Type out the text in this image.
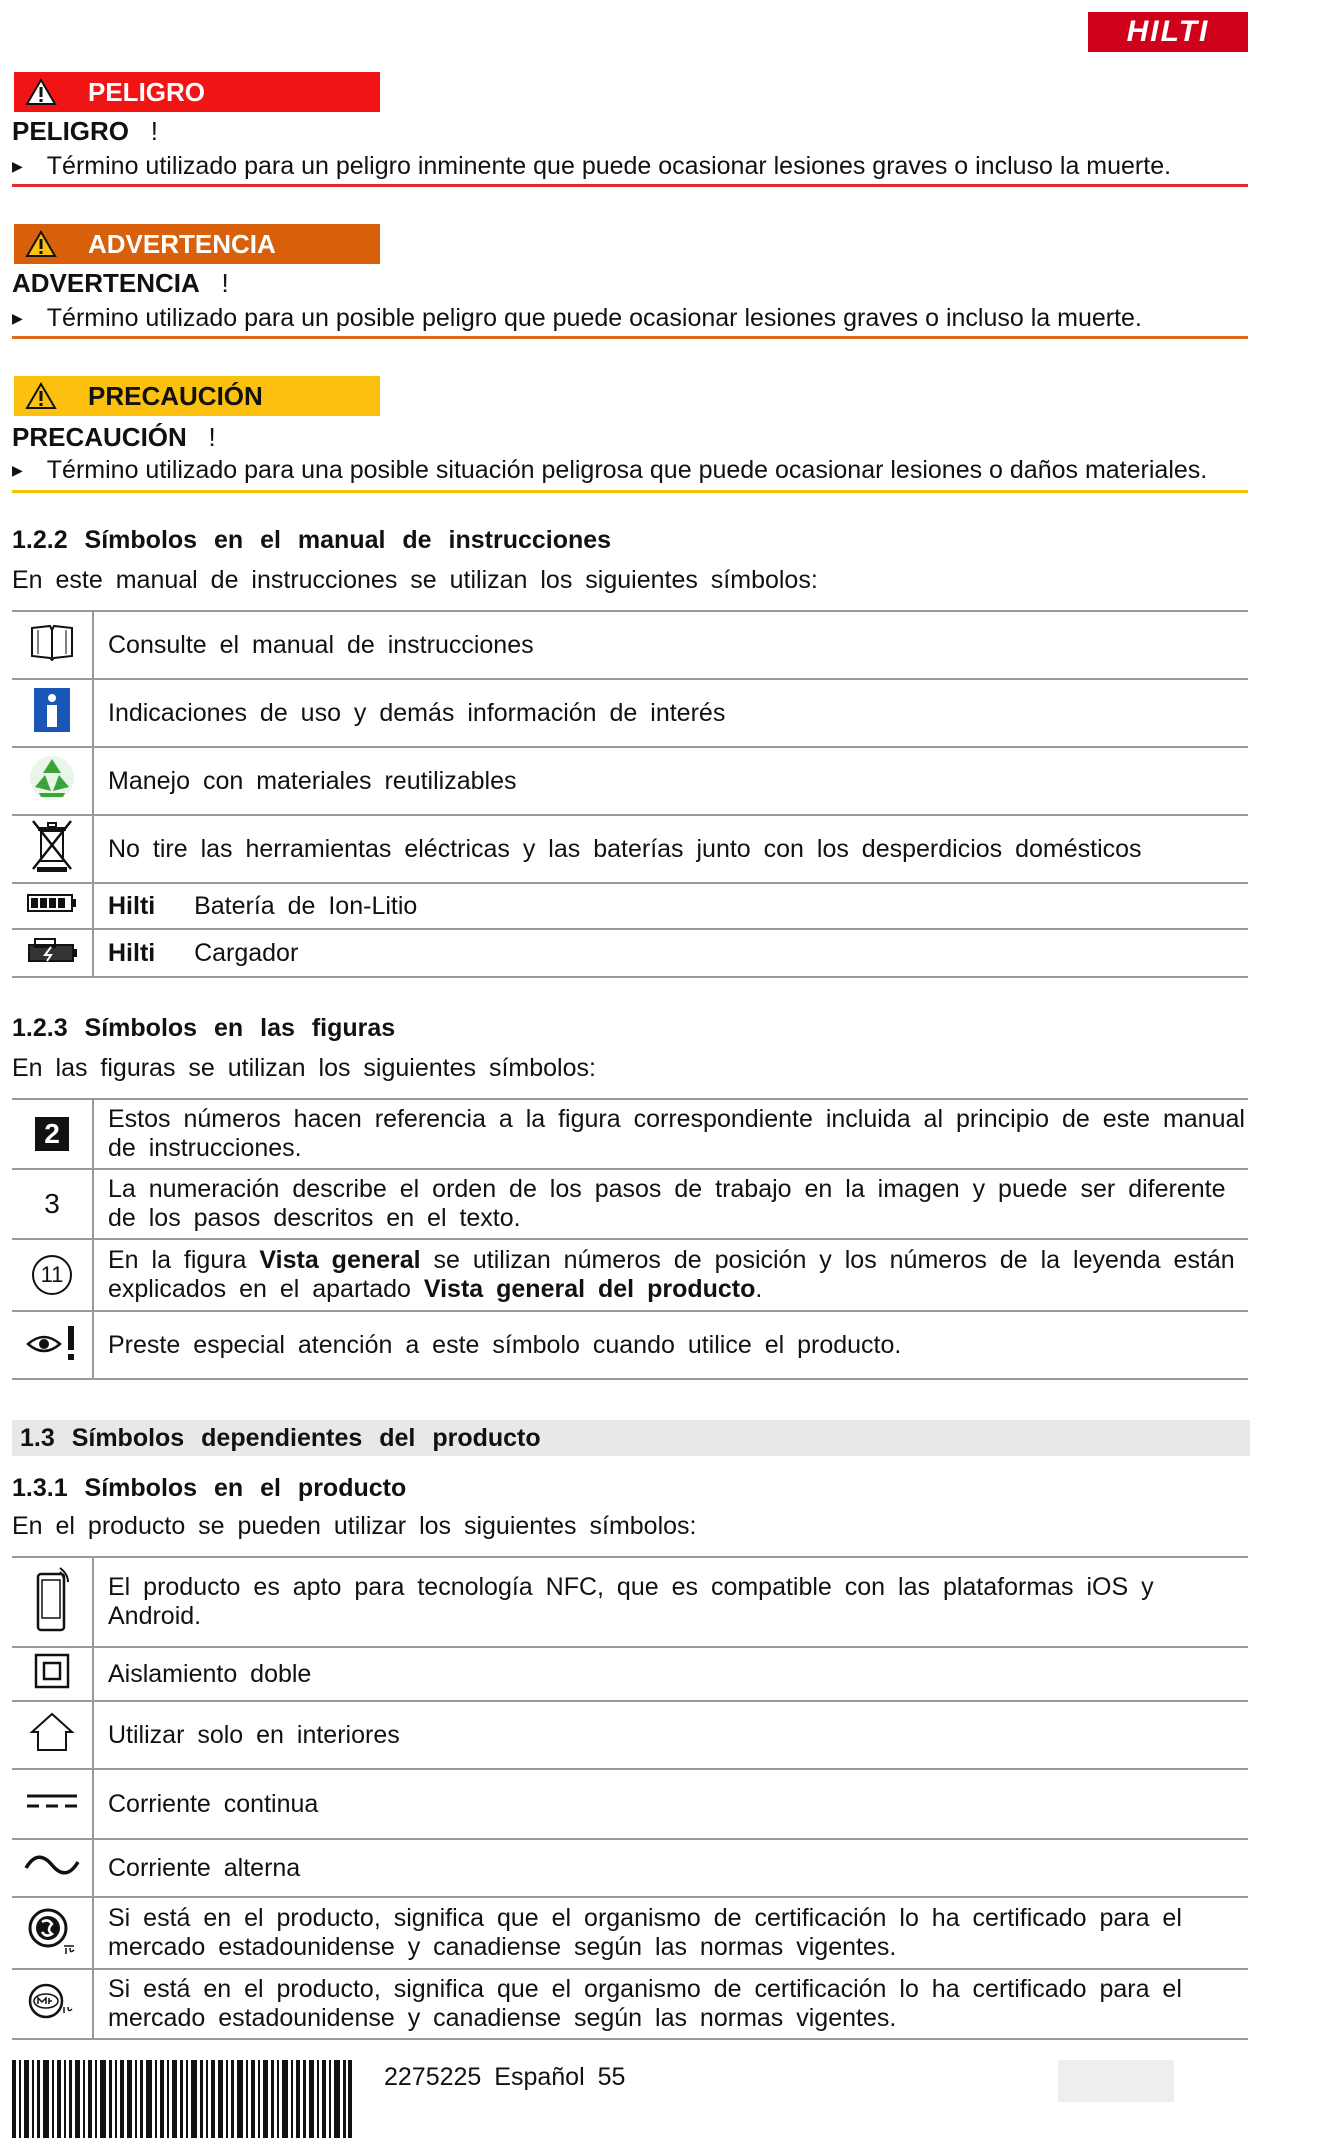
HILTI
PELIGRO
PELIGRO !
▶ Término utilizado para un peligro inminente que puede ocasionar lesiones graves o incluso la muerte.
ADVERTENCIA
ADVERTENCIA !
▶ Término utilizado para un posible peligro que puede ocasionar lesiones graves o incluso la muerte.
PRECAUCIÓN
PRECAUCIÓN !
▶ Término utilizado para una posible situación peligrosa que puede ocasionar lesiones o daños materiales.
1.2.2 Símbolos en el manual de instrucciones
En este manual de instrucciones se utilizan los siguientes símbolos:
	Consulte el manual de instrucciones
	Indicaciones de uso y demás información de interés
	Manejo con materiales reutilizables
	No tire las herramientas eléctricas y las baterías junto con los desperdicios domésticos
	Hilti Batería de Ion-Litio
	Hilti Cargador
1.2.3 Símbolos en las figuras
En las figuras se utilizan los siguientes símbolos:
2	Estos números hacen referencia a la figura correspondiente incluida al principio de este manual de instrucciones.
3	La numeración describe el orden de los pasos de trabajo en la imagen y puede ser diferente de los pasos descritos en el texto.

11	En la figura Vista general se utilizan números de posición y los números de la leyenda están explicados en el apartado Vista general del producto.
	Preste especial atención a este símbolo cuando utilice el producto.
1.3 Símbolos dependientes del producto
1.3.1 Símbolos en el producto
En el producto se pueden utilizar los siguientes símbolos:
	El producto es apto para tecnología NFC, que es compatible con las plataformas iOS y Android.
	Aislamiento doble
	Utilizar solo en interiores
	Corriente continua
	Corriente alterna
	Si está en el producto, significa que el organismo de certificación lo ha certificado para el mercado estadounidense y canadiense según las normas vigentes.
	Si está en el producto, significa que el organismo de certificación lo ha certificado para el mercado estadounidense y canadiense según las normas vigentes.
2275225 Español 55
